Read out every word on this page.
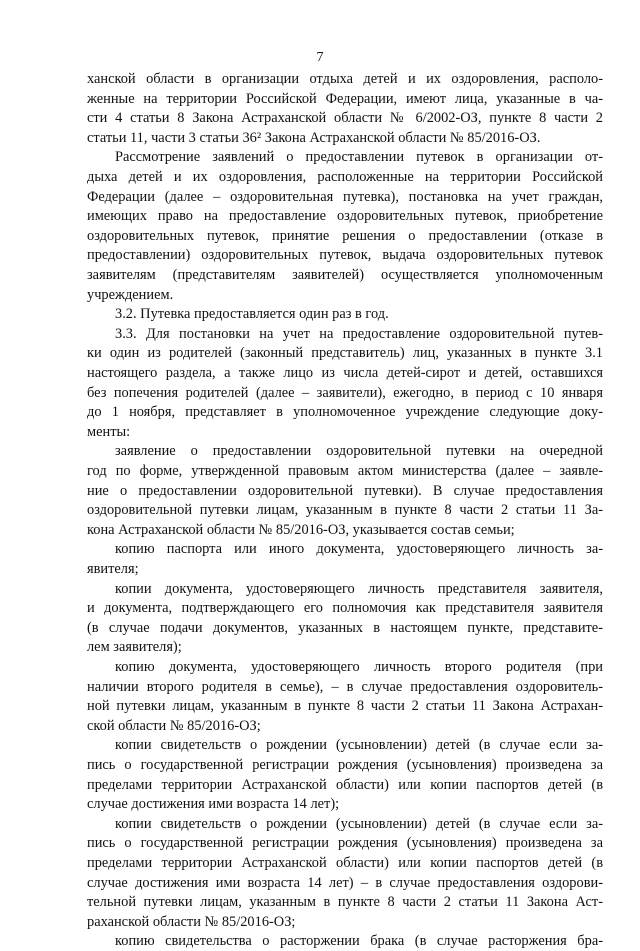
7
ханской области в организации отдыха детей и их оздоровления, располо-
женные на территории Российской Федерации, имеют лица, указанные в ча-
сти 4 статьи 8 Закона Астраханской области № 6/2002-ОЗ, пункте 8 части 2
статьи 11, части 3 статьи 36² Закона Астраханской области № 85/2016-ОЗ.
Рассмотрение заявлений о предоставлении путевок в организации от-
дыха детей и их оздоровления, расположенные на территории Российской
Федерации (далее – оздоровительная путевка), постановка на учет граждан,
имеющих право на предоставление оздоровительных путевок, приобретение
оздоровительных путевок, принятие решения о предоставлении (отказе в
предоставлении) оздоровительных путевок, выдача оздоровительных путевок
заявителям (представителям заявителей) осуществляется уполномоченным
учреждением.
3.2. Путевка предоставляется один раз в год.
3.3. Для постановки на учет на предоставление оздоровительной путев-
ки один из родителей (законный представитель) лиц, указанных в пункте 3.1
настоящего раздела, а также лицо из числа детей-сирот и детей, оставшихся
без попечения родителей (далее – заявители), ежегодно, в период с 10 января
до 1 ноября, представляет в уполномоченное учреждение следующие доку-
менты:
заявление о предоставлении оздоровительной путевки на очередной
год по форме, утвержденной правовым актом министерства (далее – заявле-
ние о предоставлении оздоровительной путевки). В случае предоставления
оздоровительной путевки лицам, указанным в пункте 8 части 2 статьи 11 За-
кона Астраханской области № 85/2016-ОЗ, указывается состав семьи;
копию паспорта или иного документа, удостоверяющего личность за-
явителя;
копии документа, удостоверяющего личность представителя заявителя,
и документа, подтверждающего его полномочия как представителя заявителя
(в случае подачи документов, указанных в настоящем пункте, представите-
лем заявителя);
копию документа, удостоверяющего личность второго родителя (при
наличии второго родителя в семье), – в случае предоставления оздоровитель-
ной путевки лицам, указанным в пункте 8 части 2 статьи 11 Закона Астрахан-
ской области № 85/2016-ОЗ;
копии свидетельств о рождении (усыновлении) детей (в случае если за-
пись о государственной регистрации рождения (усыновления) произведена за
пределами территории Астраханской области) или копии паспортов детей (в
случае достижения ими возраста 14 лет);
копии свидетельств о рождении (усыновлении) детей (в случае если за-
пись о государственной регистрации рождения (усыновления) произведена за
пределами территории Астраханской области) или копии паспортов детей (в
случае достижения ими возраста 14 лет) – в случае предоставления оздорови-
тельной путевки лицам, указанным в пункте 8 части 2 статьи 11 Закона Аст-
раханской области № 85/2016-ОЗ;
копию свидетельства о расторжении брака (в случае расторжения бра-
